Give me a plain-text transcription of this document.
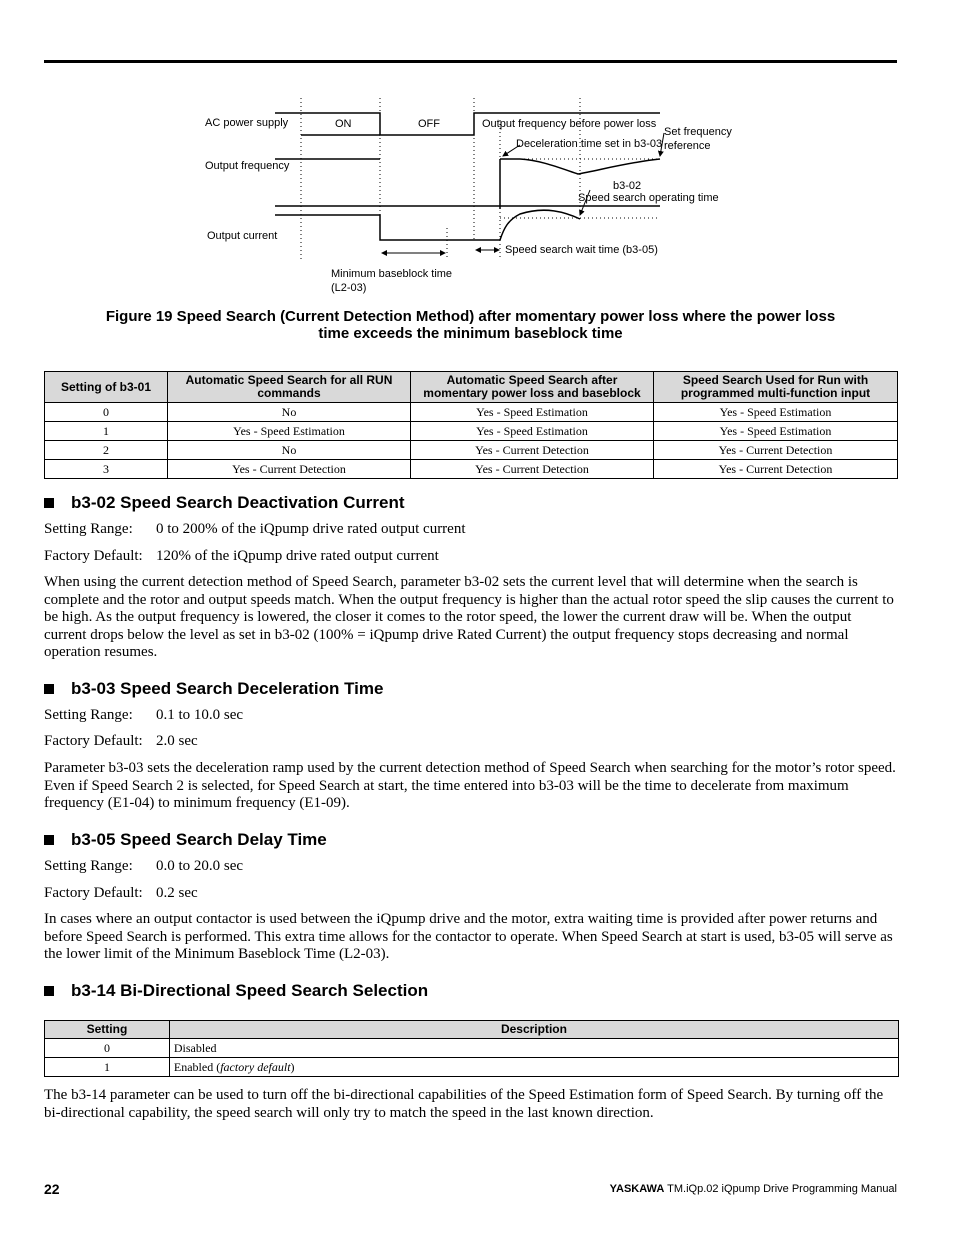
AC power supply	ON	OFF	Output frequency before power loss
Set frequency
reference
Deceleration time set in b3-03
Output frequency
b3-02
Speed search operating time
Output current
Speed search wait time (b3-05)
Minimum baseblock time
(L2-03)
Figure 19 Speed Search (Current Detection Method) after momentary power loss where the power loss
time exceeds the minimum baseblock time
Setting of b3-01	Automatic Speed Search for all RUN commands	Automatic Speed Search after momentary power loss and baseblock	Speed Search Used for Run with programmed multi-function input
0	No	Yes - Speed Estimation	Yes - Speed Estimation
1	Yes - Speed Estimation	Yes - Speed Estimation	Yes - Speed Estimation
2	No	Yes - Current Detection	Yes - Current Detection
3	Yes - Current Detection	Yes - Current Detection	Yes - Current Detection
b3-02 Speed Search Deactivation Current

Setting Range: 0 to 200% of the iQpump drive rated output current

Factory Default: 120% of the iQpump drive rated output current

When using the current detection method of Speed Search, parameter b3-02 sets the current level that will determine when the search is complete and the rotor and output speeds match. When the output frequency is higher than the actual rotor speed the slip causes the current to be high. As the output frequency is lowered, the closer it comes to the rotor speed, the lower the current draw will be. When the output current drops below the level as set in b3-02 (100% = iQpump drive Rated Current) the output frequency stops decreasing and normal operation resumes.

b3-03 Speed Search Deceleration Time

Setting Range: 0.1 to 10.0 sec

Factory Default: 2.0 sec

Parameter b3-03 sets the deceleration ramp used by the current detection method of Speed Search when searching for the motor’s rotor speed. Even if Speed Search 2 is selected, for Speed Search at start, the time entered into b3-03 will be the time to decelerate from maximum frequency (E1-04) to minimum frequency (E1-09).

b3-05 Speed Search Delay Time

Setting Range: 0.0 to 20.0 sec

Factory Default: 0.2 sec

In cases where an output contactor is used between the iQpump drive and the motor, extra waiting time is provided after power returns and before Speed Search is performed. This extra time allows for the contactor to operate. When Speed Search at start is used, b3-05 will serve as the lower limit of the Minimum Baseblock Time (L2-03).

b3-14 Bi-Directional Speed Search Selection
Setting	Description
0	Disabled
1	Enabled (factory default)

The b3-14 parameter can be used to turn off the bi-directional capabilities of the Speed Estimation form of Speed Search. By turning off the bi-directional capability, the speed search will only try to match the speed in the last known direction.

22	YASKAWA TM.iQp.02 iQpump Drive Programming Manual
